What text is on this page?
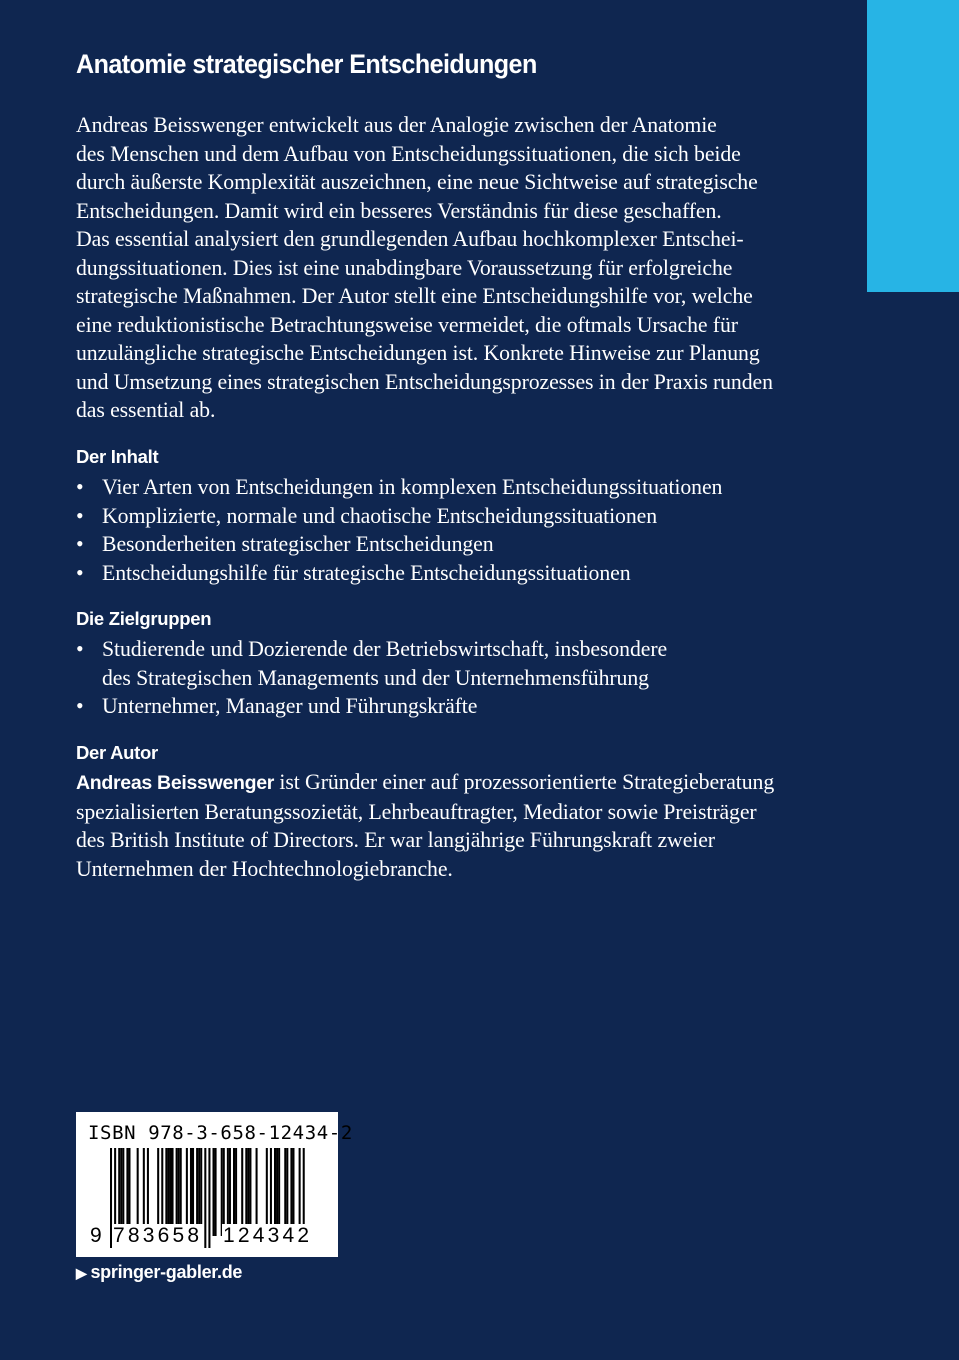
Anatomie strategischer Entscheidungen

Andreas Beisswenger entwickelt aus der Analogie zwischen der Anatomie
des Menschen und dem Aufbau von Entscheidungssituationen, die sich beide
durch äußerste Komplexität auszeichnen, eine neue Sichtweise auf strategische
Entscheidungen. Damit wird ein besseres Verständnis für diese geschaffen.
Das essential analysiert den grundlegenden Aufbau hochkomplexer Entschei-
dungssituationen. Dies ist eine unabdingbare Voraussetzung für erfolgreiche
strategische Maßnahmen. Der Autor stellt eine Entscheidungshilfe vor, welche
eine reduktionistische Betrachtungsweise vermeidet, die oftmals Ursache für
unzulängliche strategische Entscheidungen ist. Konkrete Hinweise zur Planung
und Umsetzung eines strategischen Entscheidungsprozesses in der Praxis runden
das essential ab.

Der Inhalt
• Vier Arten von Entscheidungen in komplexen Entscheidungssituationen
• Komplizierte, normale und chaotische Entscheidungssituationen
• Besonderheiten strategischer Entscheidungen
• Entscheidungshilfe für strategische Entscheidungssituationen
Die Zielgruppen
• Studierende und Dozierende der Betriebswirtschaft, insbesondere
des Strategischen Managements und der Unternehmensführung
• Unternehmer, Manager und Führungskräfte
Der Autor

Andreas Beisswenger ist Gründer einer auf prozessorientierte Strategieberatung
spezialisierten Beratungssozietät, Lehrbeauftragter, Mediator sowie Preisträger
des British Institute of Directors. Er war langjährige Führungskraft zweier
Unternehmen der Hochtechnologiebranche.

ISBN 978-3-658-12434-2
9 783658 124342
▶ springer-gabler.de
